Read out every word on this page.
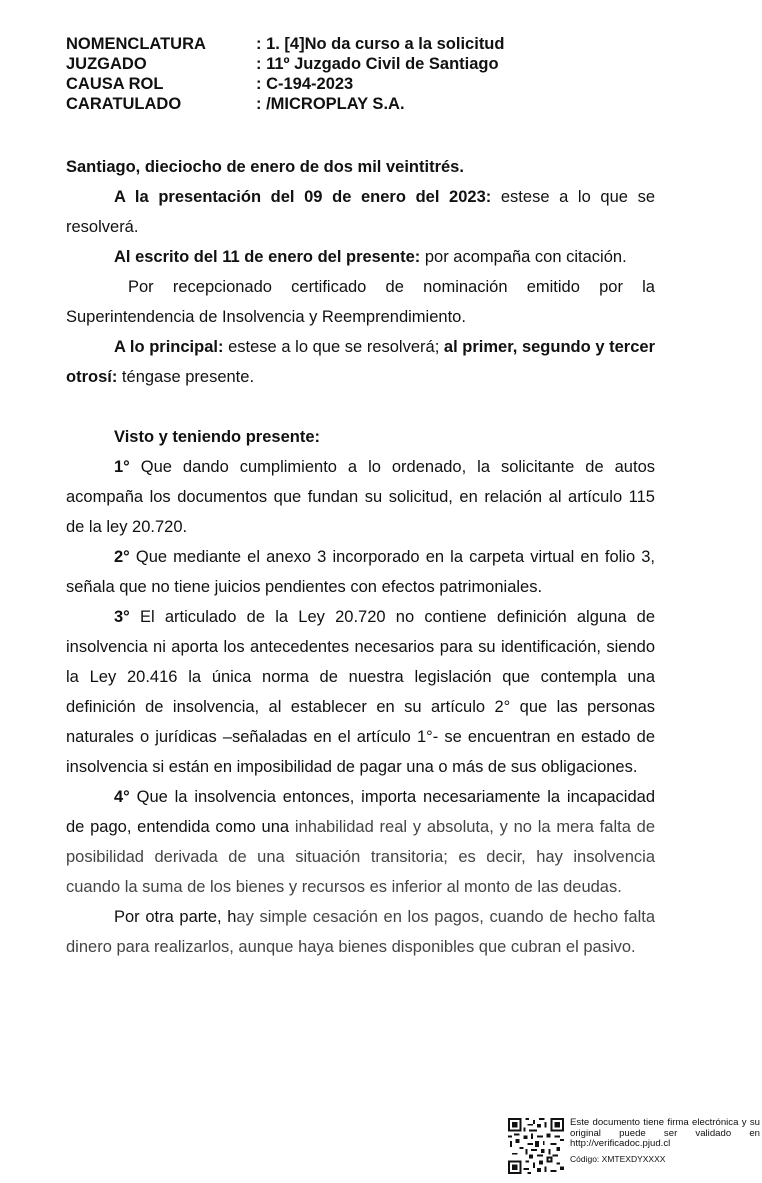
NOMENCLATURA	: 1. [4]No da curso a la solicitud
JUZGADO	: 11º Juzgado Civil de Santiago
CAUSA ROL	: C-194-2023
CARATULADO	: /MICROPLAY S.A.

Santiago, dieciocho de enero de dos mil veintitrés.

A la presentación del 09 de enero del 2023: estese a lo que se resolverá.

Al escrito del 11 de enero del presente: por acompaña con citación.

Por recepcionado certificado de nominación emitido por la Superintendencia de Insolvencia y Reemprendimiento.

A lo principal: estese a lo que se resolverá; al primer, segundo y tercer otrosí: téngase presente.

Visto y teniendo presente:

1° Que dando cumplimiento a lo ordenado, la solicitante de autos acompaña los documentos que fundan su solicitud, en relación al artículo 115 de la ley 20.720.

2° Que mediante el anexo 3 incorporado en la carpeta virtual en folio 3, señala que no tiene juicios pendientes con efectos patrimoniales.

3° El articulado de la Ley 20.720 no contiene definición alguna de insolvencia ni aporta los antecedentes necesarios para su identificación, siendo la Ley 20.416 la única norma de nuestra legislación que contempla una definición de insolvencia, al establecer en su artículo 2° que las personas naturales o jurídicas –señaladas en el artículo 1°- se encuentran en estado de insolvencia si están en imposibilidad de pagar una o más de sus obligaciones.

4° Que la insolvencia entonces, importa necesariamente la incapacidad de pago, entendida como una inhabilidad real y absoluta, y no la mera falta de posibilidad derivada de una situación transitoria; es decir, hay insolvencia cuando la suma de los bienes y recursos es inferior al monto de las deudas.

Por otra parte, hay simple cesación en los pagos, cuando de hecho falta dinero para realizarlos, aunque haya bienes disponibles que cubran el pasivo.

Este documento tiene firma electrónica y su original puede ser validado en http://verificadoc.pjud.cl
Código: XMTEXDYXXXX
